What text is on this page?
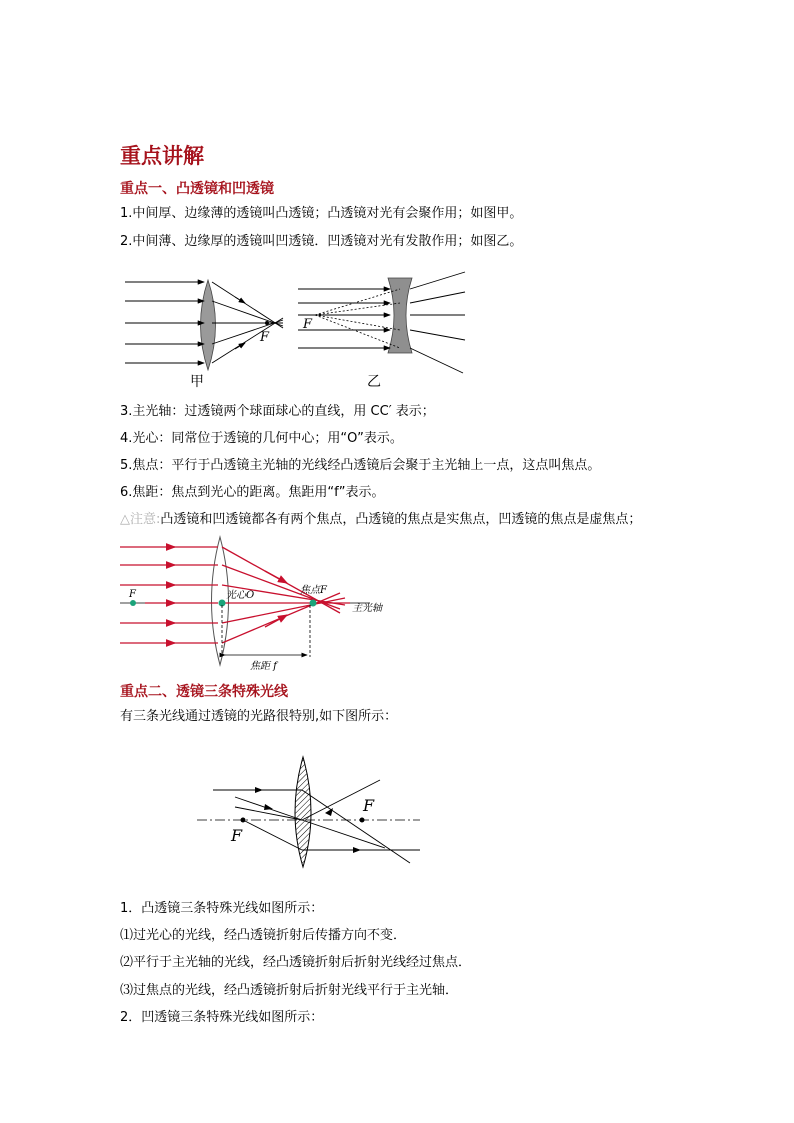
重点讲解
重点一、凸透镜和凹透镜
1.中间厚、边缘薄的透镜叫凸透镜；凸透镜对光有会聚作用；如图甲。
2.中间薄、边缘厚的透镜叫凹透镜．凹透镜对光有发散作用；如图乙。
F
甲
F
乙
3.主光轴：过透镜两个球面球心的直线，用 CC′ 表示；
4.光心：同常位于透镜的几何中心；用“O”表示。
5.焦点：平行于凸透镜主光轴的光线经凸透镜后会聚于主光轴上一点，这点叫焦点。
6.焦距：焦点到光心的距离。焦距用“f”表示。
△注意:凸透镜和凹透镜都各有两个焦点，凸透镜的焦点是实焦点，凹透镜的焦点是虚焦点；
F	光心O	焦点F
主光轴
焦距 f
重点二、透镜三条特殊光线
有三条光线通过透镜的光路很特别,如下图所示：
F
F
1．凸透镜三条特殊光线如图所示：
⑴过光心的光线，经凸透镜折射后传播方向不变．
⑵平行于主光轴的光线，经凸透镜折射后折射光线经过焦点．
⑶过焦点的光线，经凸透镜折射后折射光线平行于主光轴．
2．凹透镜三条特殊光线如图所示：
